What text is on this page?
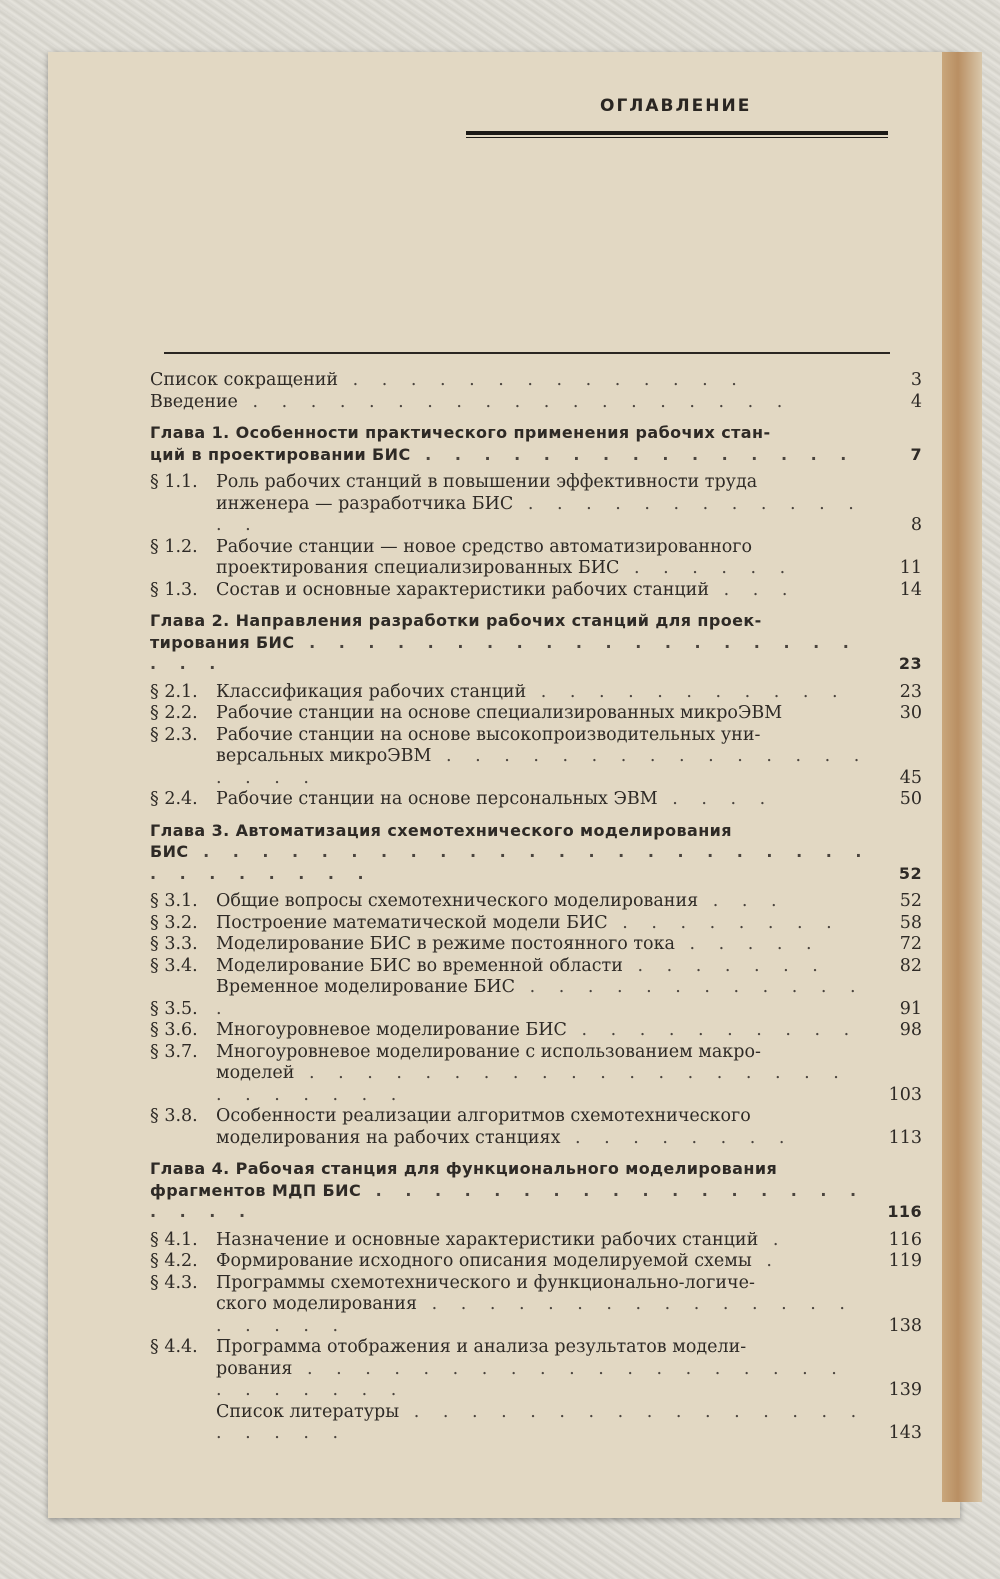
ОГЛАВЛЕНИЕ
Список сокращений . . . . . . . . . . . . . .	3
Введение . . . . . . . . . . . . . . . . . . .	4
Глава 1. Особенности практического применения рабочих стан-
ций в проектировании БИС . . . . . . . . . . . . . . .	7
§ 1.1.	Роль рабочих станций в повышении эффективности труда
инженера — разработчика БИС . . . . . . . . . . . . . .	8
§ 1.2.	Рабочие станции — новое средство автоматизированного
проектирования специализированных БИС . . . . . .	11
§ 1.3.	Состав и основные характеристики рабочих станций . . .	14
Глава 2. Направления разработки рабочих станций для проек-
тирования БИС . . . . . . . . . . . . . . . . . . . . . .	23
§ 2.1.	Классификация рабочих станций . . . . . . . . . . .	23
§ 2.2.	Рабочие станции на основе специализированных микроЭВМ	30
§ 2.3.	Рабочие станции на основе высокопроизводительных уни-
версальных микроЭВМ . . . . . . . . . . . . . . . . . . .	45
§ 2.4.	Рабочие станции на основе персональных ЭВМ . . . .	50
Глава 3. Автоматизация схемотехнического моделирования
БИС . . . . . . . . . . . . . . . . . . . . . . . . . . . . . . .	52
§ 3.1.	Общие вопросы схемотехнического моделирования . . .	52
§ 3.2.	Построение математической модели БИС . . . . . . . .	58
§ 3.3.	Моделирование БИС в режиме постоянного тока . . . . .	72
§ 3.4.	Моделирование БИС во временной области . . . . . . .	82
§ 3.5.
Временное моделирование БИС . . . . . . . . . . . . .	91
§ 3.6.	Многоуровневое моделирование БИС . . . . . . . . . .	98
§ 3.7.	Многоуровневое моделирование с использованием макро-
моделей . . . . . . . . . . . . . . . . . . . . . . . . . .	103
§ 3.8.	Особенности реализации алгоритмов схемотехнического
моделирования на рабочих станциях . . . . . . . .	113
Глава 4. Рабочая станция для функционального моделирования
фрагментов МДП БИС . . . . . . . . . . . . . . . . . . . . .	116
§ 4.1.	Назначение и основные характеристики рабочих станций .	116
§ 4.2.	Формирование исходного описания моделируемой схемы .	119
§ 4.3.	Программы схемотехнического и функционально-логиче-
ского моделирования . . . . . . . . . . . . . . . . . . . .	138
§ 4.4.	Программа отображения и анализа результатов модели-
рования . . . . . . . . . . . . . . . . . . . . . . . . . .	139
Список литературы . . . . . . . . . . . . . . . . . . . . .	143
